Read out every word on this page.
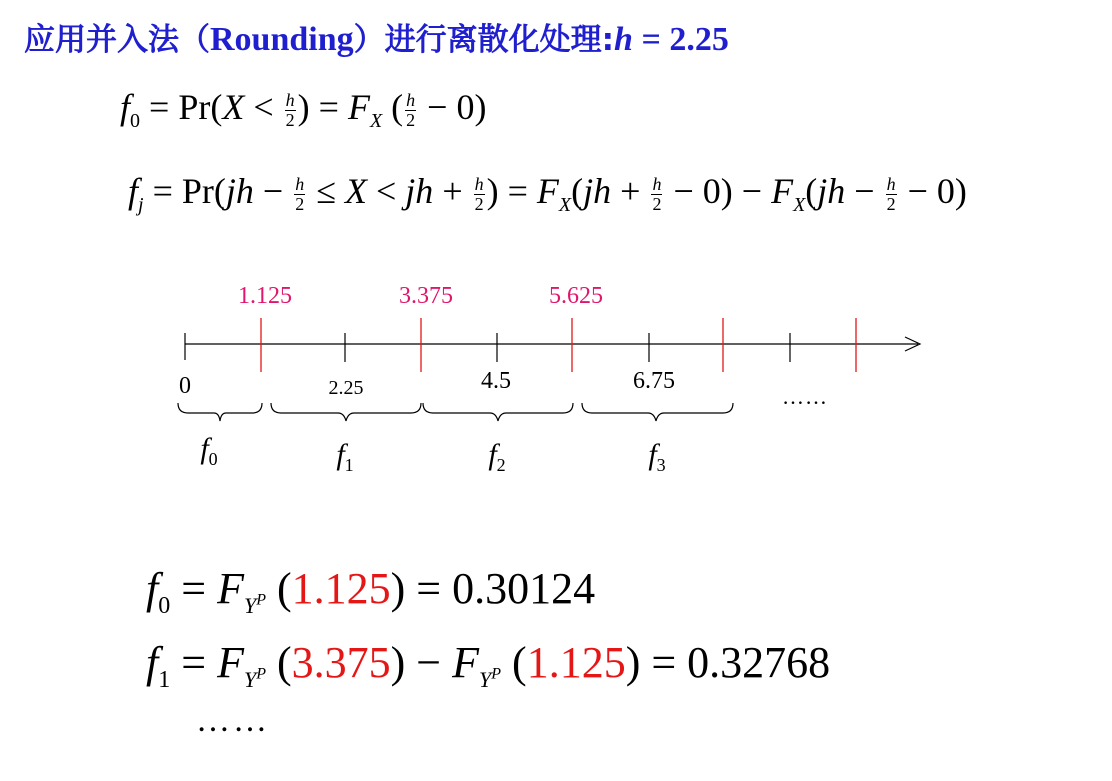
应用并入法（Rounding）进行离散化处理:h = 2.25
$f_0 = Pr(X < \frac{h}{2}$ ) = $F_X$ ( $\frac{h}{2} - 0$)
$f_j = Pr(jh - \frac{h}{2} \le X$ < jh + $\frac{h}{2}$ ) = $F_X(jh + \frac{h}{2} - 0) - F_X(jh - \frac{h}{2} - 0)$
1.125	3.375	5.625
0	2.25	4.5	6.75
……
$f_0$	$f_1$	$f_2$	$f_3$
$f_0 = F_{Y^P}$ (1.125) = 0.30124
$f_1 = F_{Y^P}$ $(3.375) - F_{Y^P}$ (1.125) = 0.32768
……
